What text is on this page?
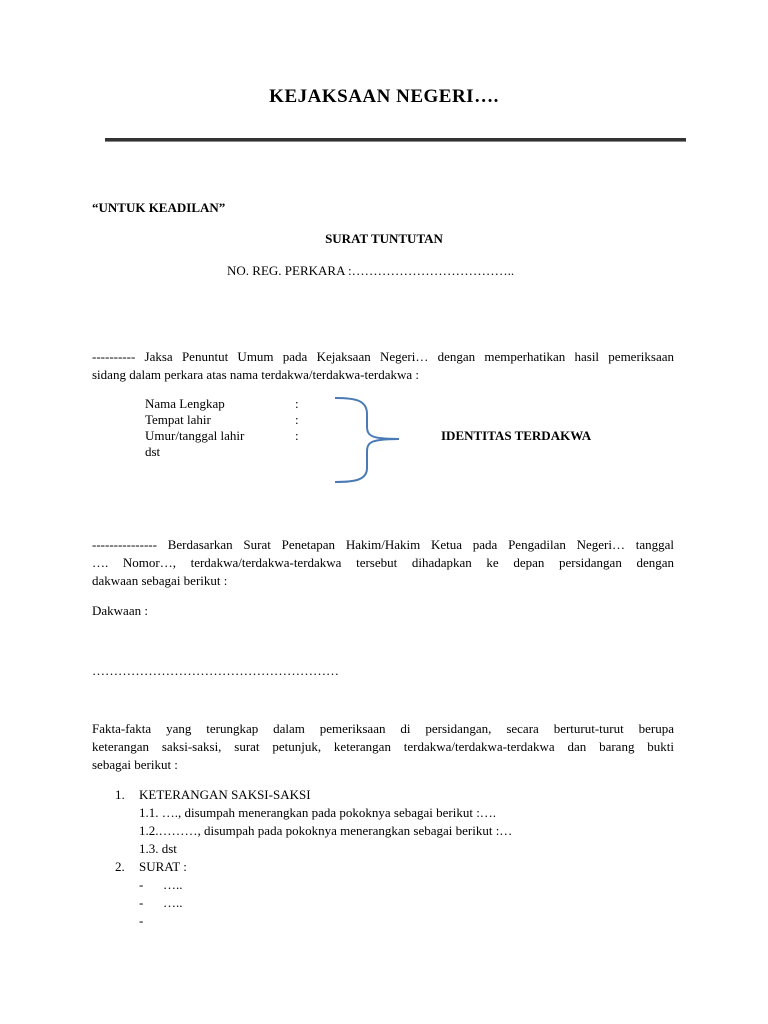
KEJAKSAAN NEGERI….
“UNTUK KEADILAN”
SURAT TUNTUTAN
NO. REG. PERKARA :………………………………..
---------- Jaksa Penuntut Umum pada Kejaksaan Negeri… dengan memperhatikan hasil pemeriksaan
sidang dalam perkara atas nama terdakwa/terdakwa-terdakwa :
Nama Lengkap	:
Tempat lahir	:
Umur/tanggal lahir	:
dst
IDENTITAS TERDAKWA
--------------- Berdasarkan Surat Penetapan Hakim/Hakim Ketua pada Pengadilan Negeri… tanggal
…. Nomor…, terdakwa/terdakwa-terdakwa tersebut dihadapkan ke depan persidangan dengan
dakwaan sebagai berikut :
Dakwaan :
…………………………………………………
Fakta-fakta yang terungkap dalam pemeriksaan di persidangan, secara berturut-turut berupa
keterangan saksi-saksi, surat petunjuk, keterangan terdakwa/terdakwa-terdakwa dan barang bukti
sebagai berikut :
1. KETERANGAN SAKSI-SAKSI
1.1. …., disumpah menerangkan pada pokoknya sebagai berikut :….
1.2.………, disumpah pada pokoknya menerangkan sebagai berikut :…
1.3. dst
2. SURAT :
- …..
- …..
-
